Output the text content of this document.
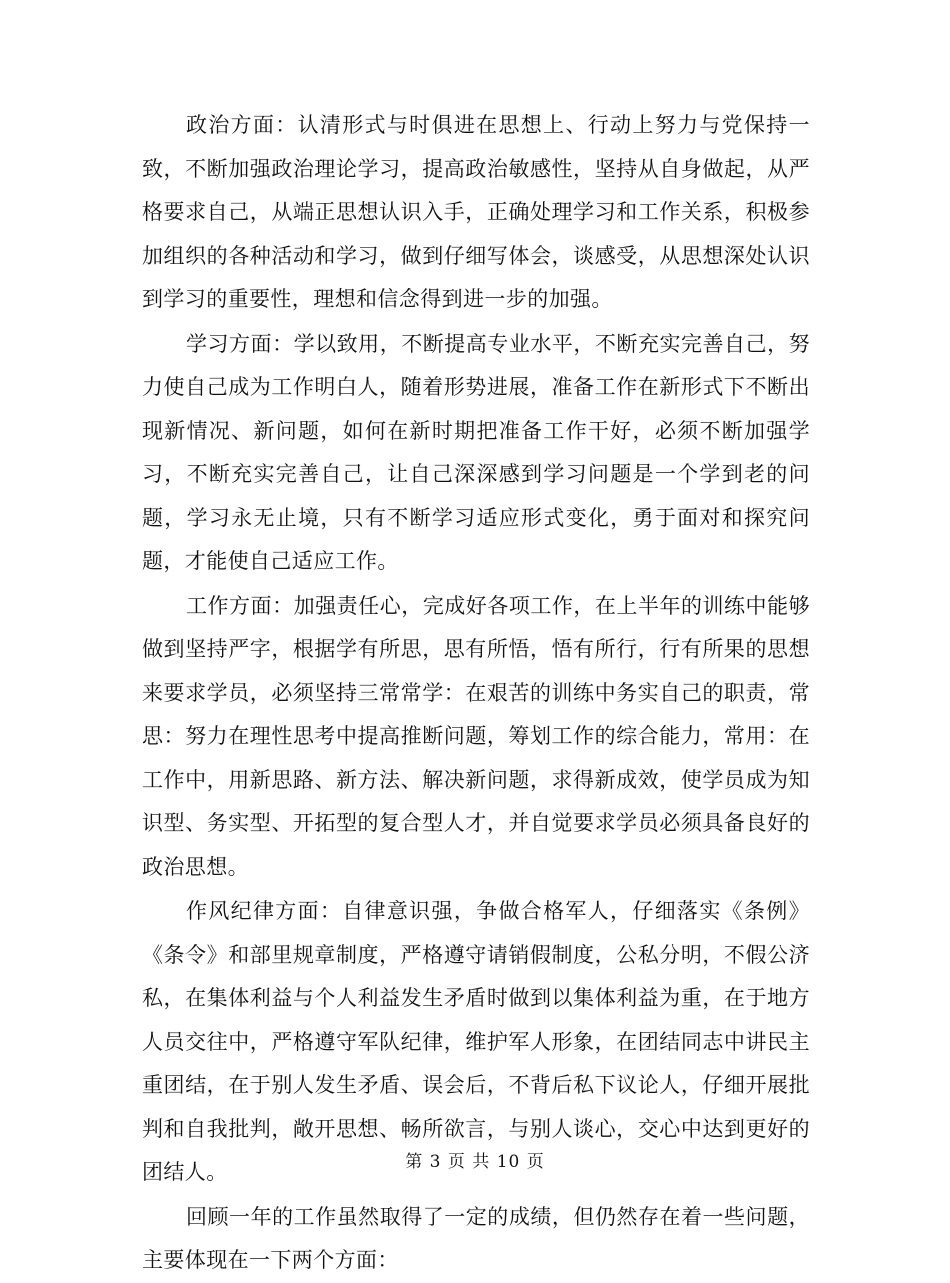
政治方面：认清形式与时俱进在思想上、行动上努力与党保持一致，不断加强政治理论学习，提高政治敏感性，坚持从自身做起，从严格要求自己，从端正思想认识入手，正确处理学习和工作关系，积极参加组织的各种活动和学习，做到仔细写体会，谈感受，从思想深处认识到学习的重要性，理想和信念得到进一步的加强。

学习方面：学以致用，不断提高专业水平，不断充实完善自己，努力使自己成为工作明白人，随着形势进展，准备工作在新形式下不断出现新情况、新问题，如何在新时期把准备工作干好，必须不断加强学习，不断充实完善自己，让自己深深感到学习问题是一个学到老的问题，学习永无止境，只有不断学习适应形式变化，勇于面对和探究问题，才能使自己适应工作。

工作方面：加强责任心，完成好各项工作，在上半年的训练中能够做到坚持严字，根据学有所思，思有所悟，悟有所行，行有所果的思想来要求学员，必须坚持三常常学：在艰苦的训练中务实自己的职责，常思：努力在理性思考中提高推断问题，筹划工作的综合能力，常用：在工作中，用新思路、新方法、解决新问题，求得新成效，使学员成为知识型、务实型、开拓型的复合型人才，并自觉要求学员必须具备良好的政治思想。

作风纪律方面：自律意识强，争做合格军人，仔细落实《条例》《条令》和部里规章制度，严格遵守请销假制度，公私分明，不假公济私，在集体利益与个人利益发生矛盾时做到以集体利益为重，在于地方人员交往中，严格遵守军队纪律，维护军人形象，在团结同志中讲民主重团结，在于别人发生矛盾、误会后，不背后私下议论人，仔细开展批判和自我批判，敞开思想、畅所欲言，与别人谈心，交心中达到更好的团结人。

回顾一年的工作虽然取得了一定的成绩，但仍然存在着一些问题，主要体现在一下两个方面：

第 3 页 共 10 页
